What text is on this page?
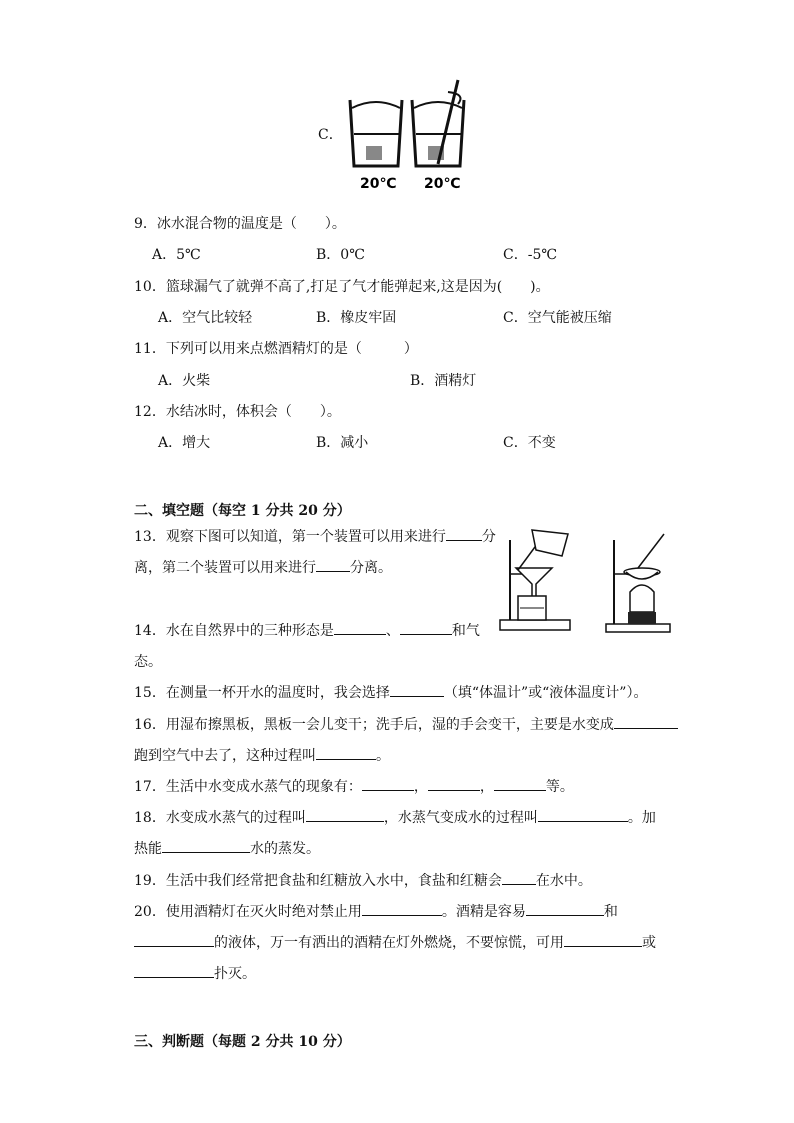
C．
20℃ 20℃
9．冰水混合物的温度是（　　）。
A．5℃	B．0℃	C．-5℃
10．篮球漏气了就弹不高了,打足了气才能弹起来,这是因为(　　)。
A．空气比较轻	B．橡皮牢固	C．空气能被压缩
11．下列可以用来点燃酒精灯的是（　　　）
A．火柴	B．酒精灯
12．水结冰时，体积会（　　）。
A．增大	B．减小	C．不变
二、填空题（每空 1 分共 20 分）
13．观察下图可以知道，第一个装置可以用来进行	分
离，第二个装置可以用来进行 分离。
14．水在自然界中的三种形态是	、	和气
态。
15．在测量一杯开水的温度时，我会选择	（填“体温计”或“液体温度计”）。
16．用湿布擦黑板，黑板一会儿变干；洗手后，湿的手会变干，主要是水变成
跑到空气中去了，这种过程叫	。
17．生活中水变成水蒸气的现象有：	，	，	等。
18．水变成水蒸气的过程叫	，水蒸气变成水的过程叫	。加
热能	水的蒸发。
19．生活中我们经常把食盐和红糖放入水中，食盐和红糖会 在水中。
20．使用酒精灯在灭火时绝对禁止用	。酒精是容易	和
的液体，万一有洒出的酒精在灯外燃烧，不要惊慌，可用	或
扑灭。
三、判断题（每题 2 分共 10 分）
